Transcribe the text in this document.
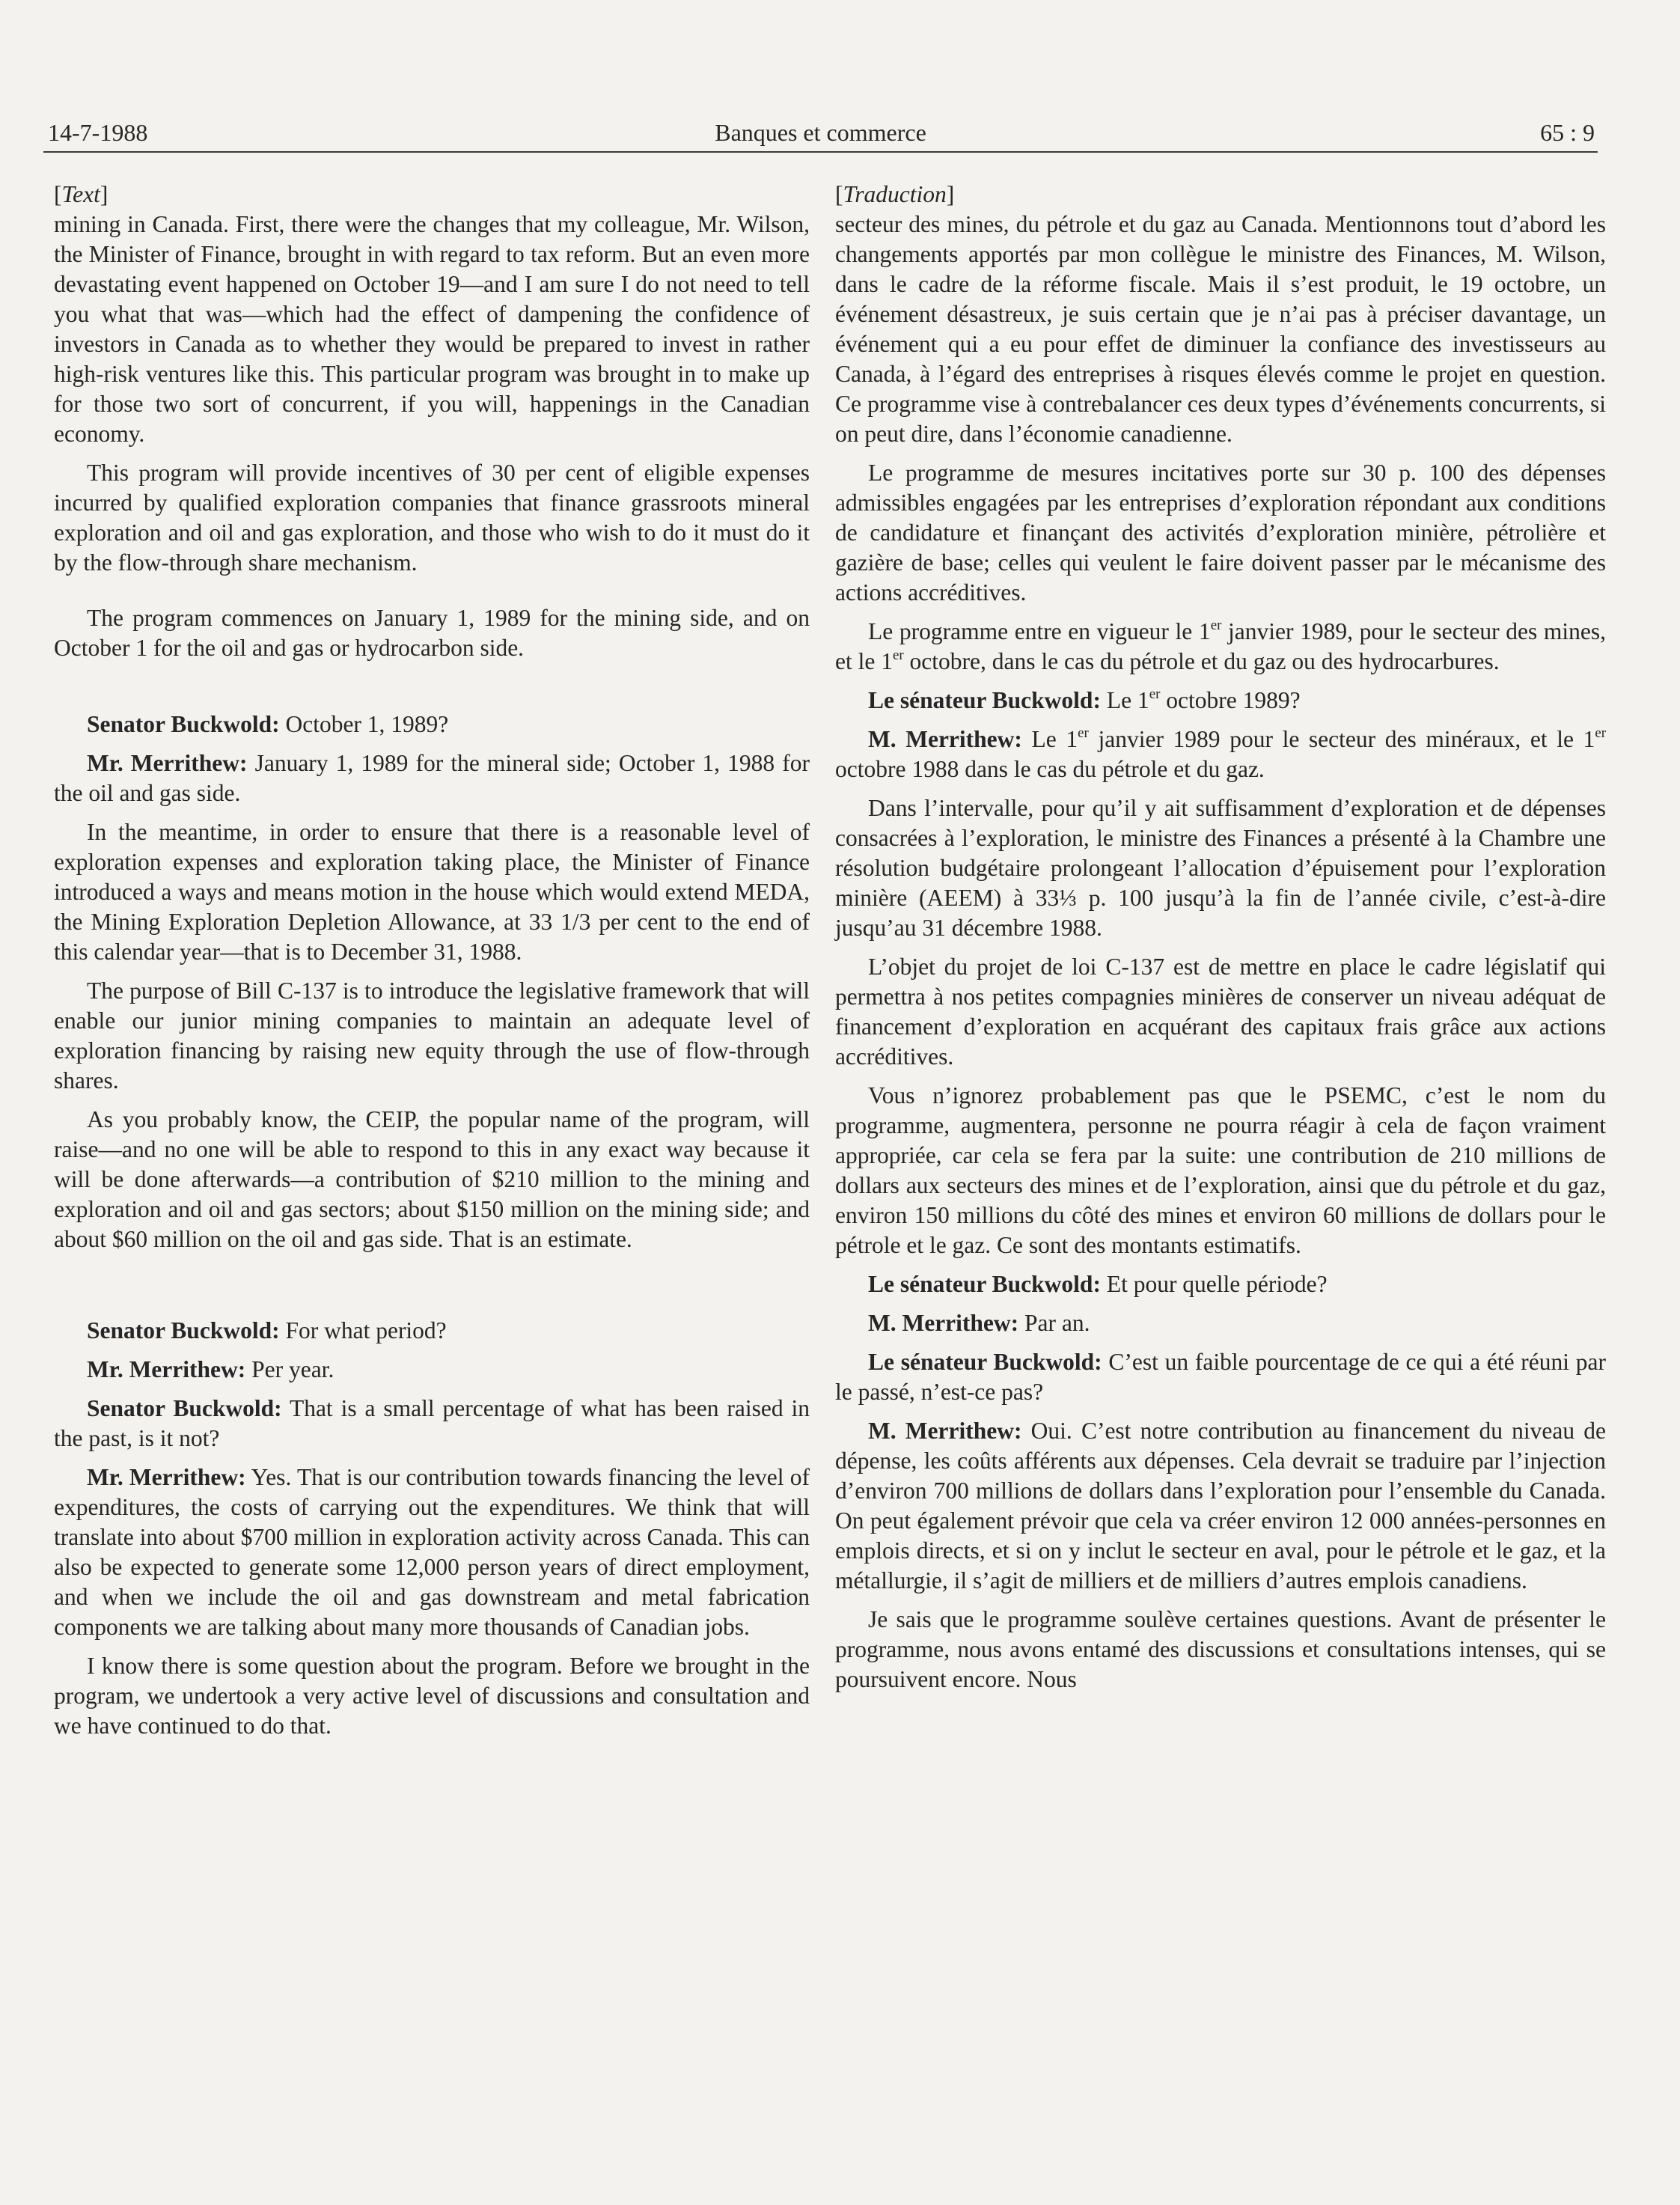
14-7-1988	Banques et commerce	65 : 9

[Text]

mining in Canada. First, there were the changes that my colleague, Mr. Wilson, the Minister of Finance, brought in with regard to tax reform. But an even more devastating event happened on October 19—and I am sure I do not need to tell you what that was—which had the effect of dampening the confidence of investors in Canada as to whether they would be prepared to invest in rather high-risk ventures like this. This particular program was brought in to make up for those two sort of concurrent, if you will, happenings in the Canadian economy.

This program will provide incentives of 30 per cent of eligible expenses incurred by qualified exploration companies that finance grassroots mineral exploration and oil and gas exploration, and those who wish to do it must do it by the flow-through share mechanism.

The program commences on January 1, 1989 for the mining side, and on October 1 for the oil and gas or hydrocarbon side.

Senator Buckwold: October 1, 1989?

Mr. Merrithew: January 1, 1989 for the mineral side; October 1, 1988 for the oil and gas side.

In the meantime, in order to ensure that there is a reasonable level of exploration expenses and exploration taking place, the Minister of Finance introduced a ways and means motion in the house which would extend MEDA, the Mining Exploration Depletion Allowance, at 33 1/3 per cent to the end of this calendar year—that is to December 31, 1988.

The purpose of Bill C-137 is to introduce the legislative framework that will enable our junior mining companies to maintain an adequate level of exploration financing by raising new equity through the use of flow-through shares.

As you probably know, the CEIP, the popular name of the program, will raise—and no one will be able to respond to this in any exact way because it will be done afterwards—a contribution of $210 million to the mining and exploration and oil and gas sectors; about $150 million on the mining side; and about $60 million on the oil and gas side. That is an estimate.

Senator Buckwold: For what period?

Mr. Merrithew: Per year.

Senator Buckwold: That is a small percentage of what has been raised in the past, is it not?

Mr. Merrithew: Yes. That is our contribution towards financing the level of expenditures, the costs of carrying out the expenditures. We think that will translate into about $700 million in exploration activity across Canada. This can also be expected to generate some 12,000 person years of direct employment, and when we include the oil and gas downstream and metal fabrication components we are talking about many more thousands of Canadian jobs.

I know there is some question about the program. Before we brought in the program, we undertook a very active level of discussions and consultation and we have continued to do that.

[Traduction]

secteur des mines, du pétrole et du gaz au Canada. Mentionnons tout d’abord les changements apportés par mon collègue le ministre des Finances, M. Wilson, dans le cadre de la réforme fiscale. Mais il s’est produit, le 19 octobre, un événement désastreux, je suis certain que je n’ai pas à préciser davantage, un événement qui a eu pour effet de diminuer la confiance des investisseurs au Canada, à l’égard des entreprises à risques élevés comme le projet en question. Ce programme vise à contrebalancer ces deux types d’événements concurrents, si on peut dire, dans l’économie canadienne.

Le programme de mesures incitatives porte sur 30 p. 100 des dépenses admissibles engagées par les entreprises d’exploration répondant aux conditions de candidature et finançant des activités d’exploration minière, pétrolière et gazière de base; celles qui veulent le faire doivent passer par le mécanisme des actions accréditives.

Le programme entre en vigueur le 1er janvier 1989, pour le secteur des mines, et le 1er octobre, dans le cas du pétrole et du gaz ou des hydrocarbures.

Le sénateur Buckwold: Le 1er octobre 1989?

M. Merrithew: Le 1er janvier 1989 pour le secteur des minéraux, et le 1er octobre 1988 dans le cas du pétrole et du gaz.

Dans l’intervalle, pour qu’il y ait suffisamment d’exploration et de dépenses consacrées à l’exploration, le ministre des Finances a présenté à la Chambre une résolution budgétaire prolongeant l’allocation d’épuisement pour l’exploration minière (AEEM) à 33⅓ p. 100 jusqu’à la fin de l’année civile, c’est-à-dire jusqu’au 31 décembre 1988.

L’objet du projet de loi C-137 est de mettre en place le cadre législatif qui permettra à nos petites compagnies minières de conserver un niveau adéquat de financement d’exploration en acquérant des capitaux frais grâce aux actions accréditives.

Vous n’ignorez probablement pas que le PSEMC, c’est le nom du programme, augmentera, personne ne pourra réagir à cela de façon vraiment appropriée, car cela se fera par la suite: une contribution de 210 millions de dollars aux secteurs des mines et de l’exploration, ainsi que du pétrole et du gaz, environ 150 millions du côté des mines et environ 60 millions de dollars pour le pétrole et le gaz. Ce sont des montants estimatifs.

Le sénateur Buckwold: Et pour quelle période?

M. Merrithew: Par an.

Le sénateur Buckwold: C’est un faible pourcentage de ce qui a été réuni par le passé, n’est-ce pas?

M. Merrithew: Oui. C’est notre contribution au financement du niveau de dépense, les coûts afférents aux dépenses. Cela devrait se traduire par l’injection d’environ 700 millions de dollars dans l’exploration pour l’ensemble du Canada. On peut également prévoir que cela va créer environ 12 000 années-personnes en emplois directs, et si on y inclut le secteur en aval, pour le pétrole et le gaz, et la métallurgie, il s’agit de milliers et de milliers d’autres emplois canadiens.

Je sais que le programme soulève certaines questions. Avant de présenter le programme, nous avons entamé des discussions et consultations intenses, qui se poursuivent encore. Nous
